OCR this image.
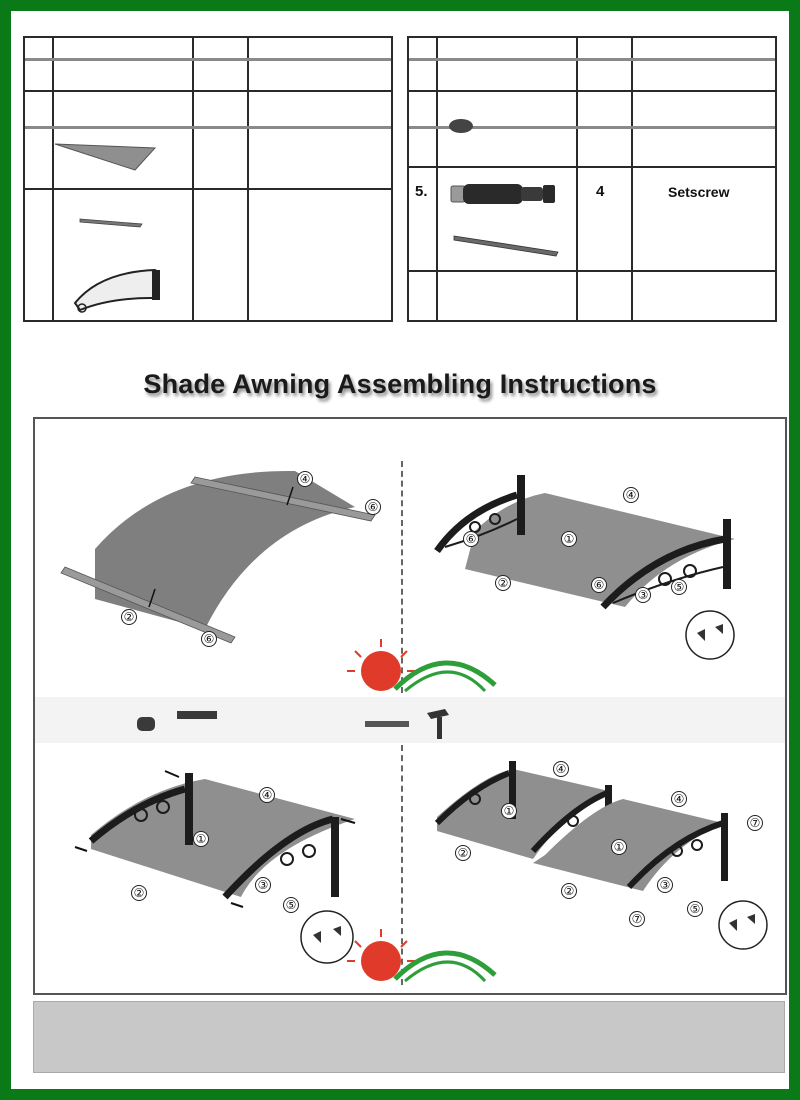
5.	4	Setscrew
Shade Awning Assembling Instructions
④
⑥
②
⑥
④
⑥	①
②	⑥
③
⑤
④
①
②
③
⑤
④
④
①
①
⑦
②
②	③
⑦
⑤
